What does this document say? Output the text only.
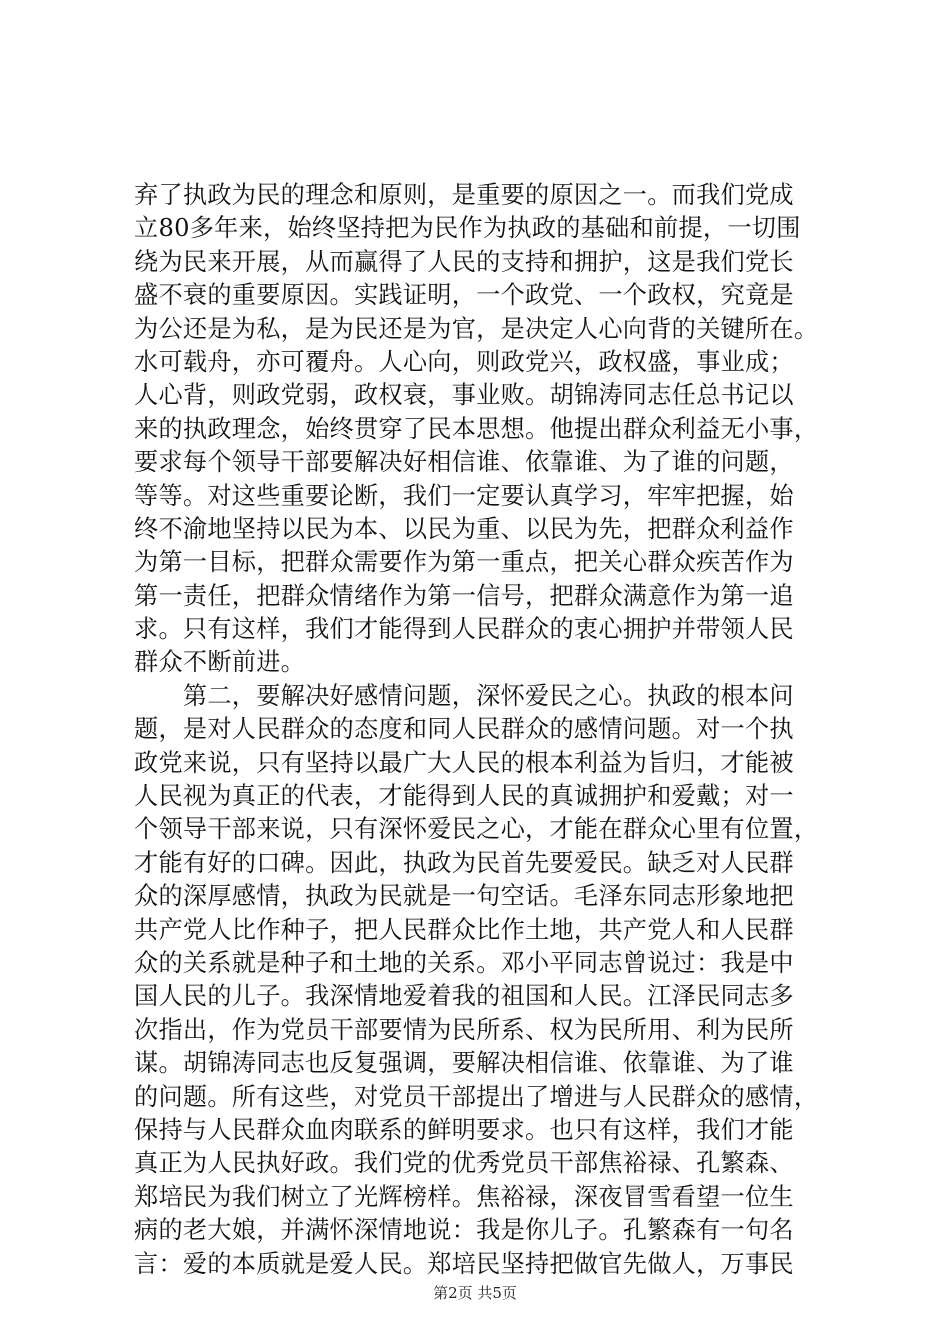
弃了执政为民的理念和原则，是重要的原因之一。而我们党成
立80多年来，始终坚持把为民作为执政的基础和前提，一切围
绕为民来开展，从而赢得了人民的支持和拥护，这是我们党长
盛不衰的重要原因。实践证明，一个政党、一个政权，究竟是
为公还是为私，是为民还是为官，是决定人心向背的关键所在。
水可载舟，亦可覆舟。人心向，则政党兴，政权盛，事业成；
人心背，则政党弱，政权衰，事业败。胡锦涛同志任总书记以
来的执政理念，始终贯穿了民本思想。他提出群众利益无小事，
要求每个领导干部要解决好相信谁、依靠谁、为了谁的问题，
等等。对这些重要论断，我们一定要认真学习，牢牢把握，始
终不渝地坚持以民为本、以民为重、以民为先，把群众利益作
为第一目标，把群众需要作为第一重点，把关心群众疾苦作为
第一责任，把群众情绪作为第一信号，把群众满意作为第一追
求。只有这样，我们才能得到人民群众的衷心拥护并带领人民
群众不断前进。
　　第二，要解决好感情问题，深怀爱民之心。执政的根本问
题，是对人民群众的态度和同人民群众的感情问题。对一个执
政党来说，只有坚持以最广大人民的根本利益为旨归，才能被
人民视为真正的代表，才能得到人民的真诚拥护和爱戴；对一
个领导干部来说，只有深怀爱民之心，才能在群众心里有位置，
才能有好的口碑。因此，执政为民首先要爱民。缺乏对人民群
众的深厚感情，执政为民就是一句空话。毛泽东同志形象地把
共产党人比作种子，把人民群众比作土地，共产党人和人民群
众的关系就是种子和土地的关系。邓小平同志曾说过：我是中
国人民的儿子。我深情地爱着我的祖国和人民。江泽民同志多
次指出，作为党员干部要情为民所系、权为民所用、利为民所
谋。胡锦涛同志也反复强调，要解决相信谁、依靠谁、为了谁
的问题。所有这些，对党员干部提出了增进与人民群众的感情，
保持与人民群众血肉联系的鲜明要求。也只有这样，我们才能
真正为人民执好政。我们党的优秀党员干部焦裕禄、孔繁森、
郑培民为我们树立了光辉榜样。焦裕禄，深夜冒雪看望一位生
病的老大娘，并满怀深情地说：我是你儿子。孔繁森有一句名
言：爱的本质就是爱人民。郑培民坚持把做官先做人，万事民
第2页 共5页
